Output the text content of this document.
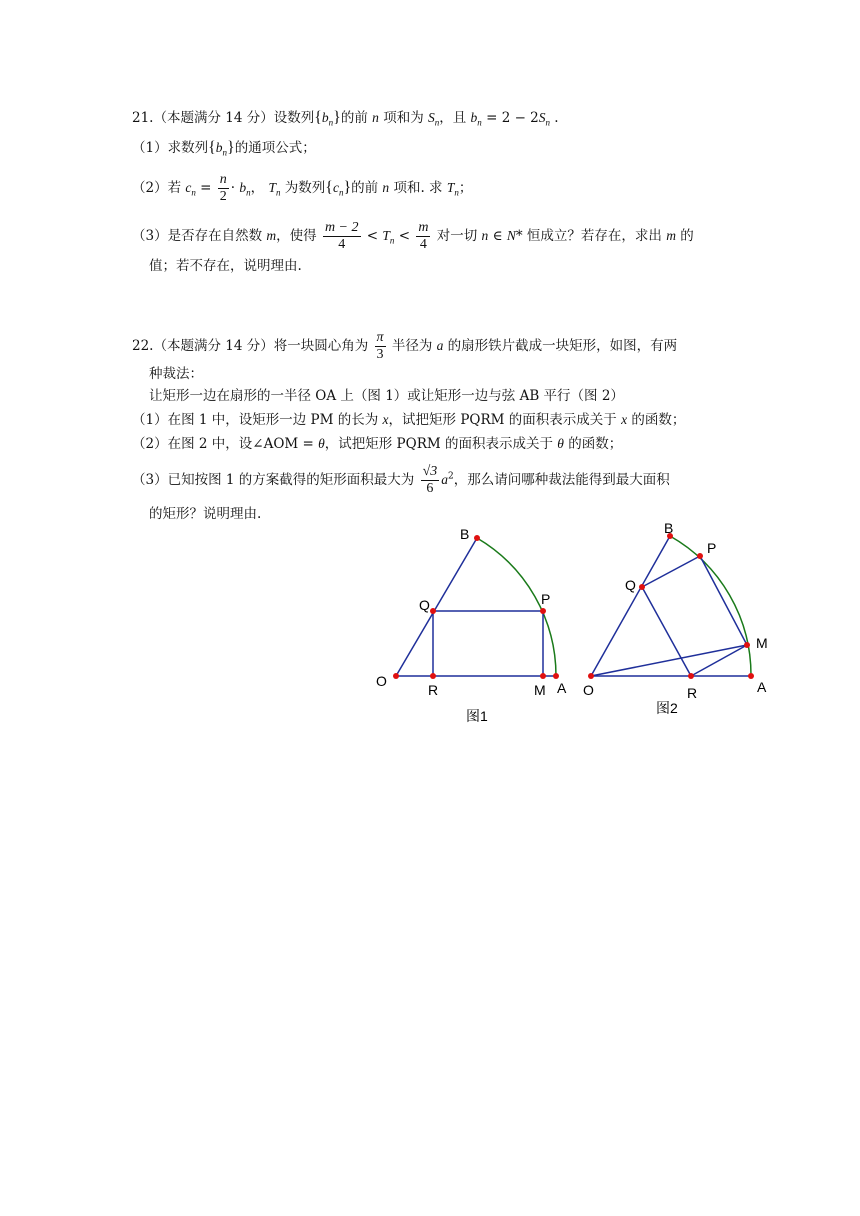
21.（本题满分 14 分）设数列$\{b_n\}$的前 n 项和为 $S_n$，且 $b_n = 2 - 2S_n$ .
（1）求数列$\{b_n\}$的通项公式；
（2）若 $c_n = \frac{n}{2} \cdot b_n$， $T_n$ 为数列$\{c_n\}$的前 n 项和. 求 $T_n$；
（3）是否存在自然数 m，使得 $\frac{m - 2}{4} < T_n < \frac{m}{4}$ 对一切 n ∈ N* 恒成立？若存在，求出 m 的
值；若不存在，说明理由.
22.（本题满分 14 分）将一块圆心角为 $\frac{\pi}{3}$ 半径为 a 的扇形铁片截成一块矩形，如图，有两
种裁法：
让矩形一边在扇形的一半径 OA 上（图 1）或让矩形一边与弦 AB 平行（图 2）
（1）在图 1 中，设矩形一边 PM 的长为 x，试把矩形 PQRM 的面积表示成关于 x 的函数；
（2）在图 2 中，设∠AOM = θ，试把矩形 PQRM 的面积表示成关于 θ 的函数；
（3）已知按图 1 的方案截得的矩形面积最大为 $\frac{√3}{6} a^2$，那么请问哪种裁法能得到最大面积
的矩形？说明理由.
B
Q	P
O
R	M A
图1
B
P
Q
M
O	R	A
图2
